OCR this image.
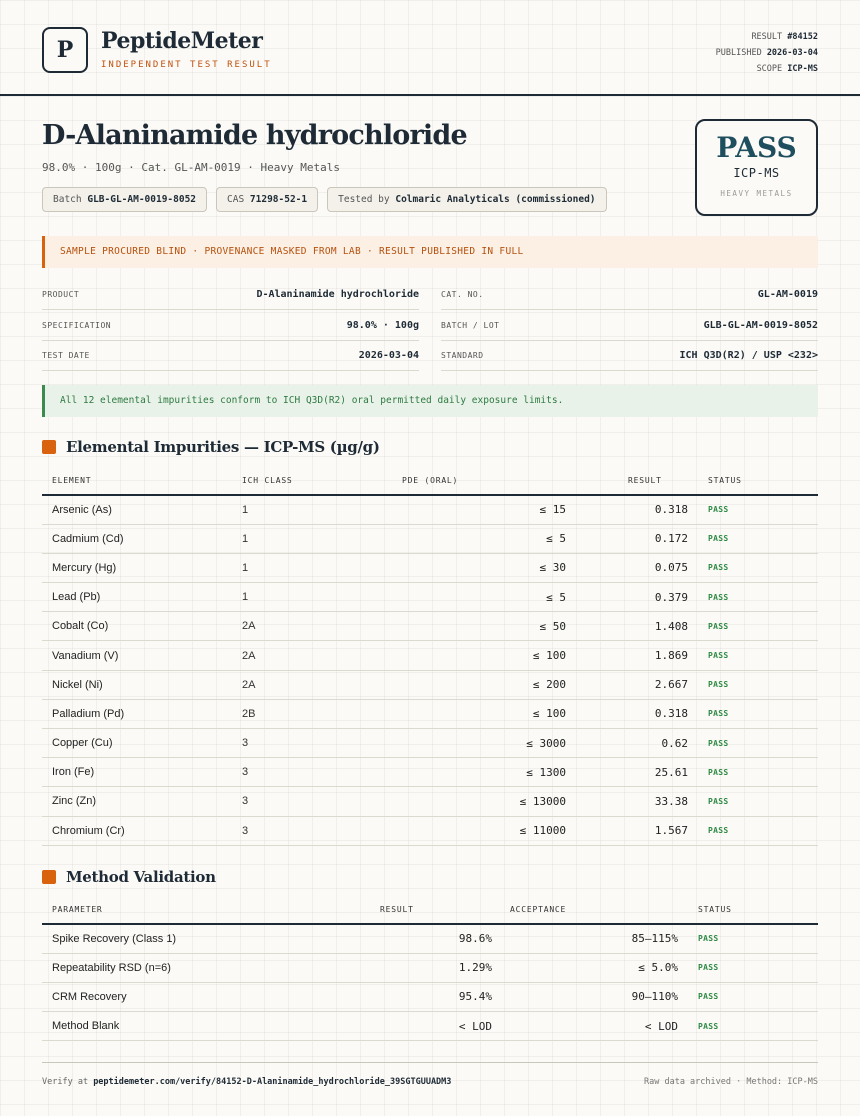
P	PeptideMeter
INDEPENDENT TEST RESULT
RESULT #84152
PUBLISHED 2026-03-04
SCOPE ICP-MS
D-Alaninamide hydrochloride
98.0% · 100g · Cat. GL-AM-0019 · Heavy Metals
Batch GLB-GL-AM-0019-8052	CAS 71298-52-1	Tested by Colmaric Analyticals (commissioned)
PASS
ICP-MS
HEAVY METALS
SAMPLE PROCURED BLIND · PROVENANCE MASKED FROM LAB · RESULT PUBLISHED IN FULL
PRODUCT	D-Alaninamide hydrochloride	CAT. NO.	GL-AM-0019
SPECIFICATION	98.0% · 100g	BATCH / LOT	GLB-GL-AM-0019-8052
TEST DATE	2026-03-04	STANDARD	ICH Q3D(R2) / USP <232>
All 12 elemental impurities conform to ICH Q3D(R2) oral permitted daily exposure limits.
Elemental Impurities — ICP-MS (µg/g)
ELEMENT	ICH CLASS	PDE (ORAL)	RESULT	STATUS
Arsenic (As)	1	≤ 15	0.318	PASS
Cadmium (Cd)	1	≤ 5	0.172	PASS
Mercury (Hg)	1	≤ 30	0.075	PASS
Lead (Pb)	1	≤ 5	0.379	PASS
Cobalt (Co)	2A	≤ 50	1.408	PASS
Vanadium (V)	2A	≤ 100	1.869	PASS
Nickel (Ni)	2A	≤ 200	2.667	PASS
Palladium (Pd)	2B	≤ 100	0.318	PASS
Copper (Cu)	3	≤ 3000	0.62	PASS
Iron (Fe)	3	≤ 1300	25.61	PASS
Zinc (Zn)	3	≤ 13000	33.38	PASS
Chromium (Cr)	3	≤ 11000	1.567	PASS
Method Validation
PARAMETER	RESULT	ACCEPTANCE	STATUS
Spike Recovery (Class 1)	98.6%	85–115%	PASS
Repeatability RSD (n=6)	1.29%	≤ 5.0%	PASS
CRM Recovery	95.4%	90–110%	PASS
Method Blank	< LOD	< LOD	PASS
Verify at peptidemeter.com/verify/84152-D-Alaninamide_hydrochloride_39SGTGUUADM3	Raw data archived · Method: ICP-MS
